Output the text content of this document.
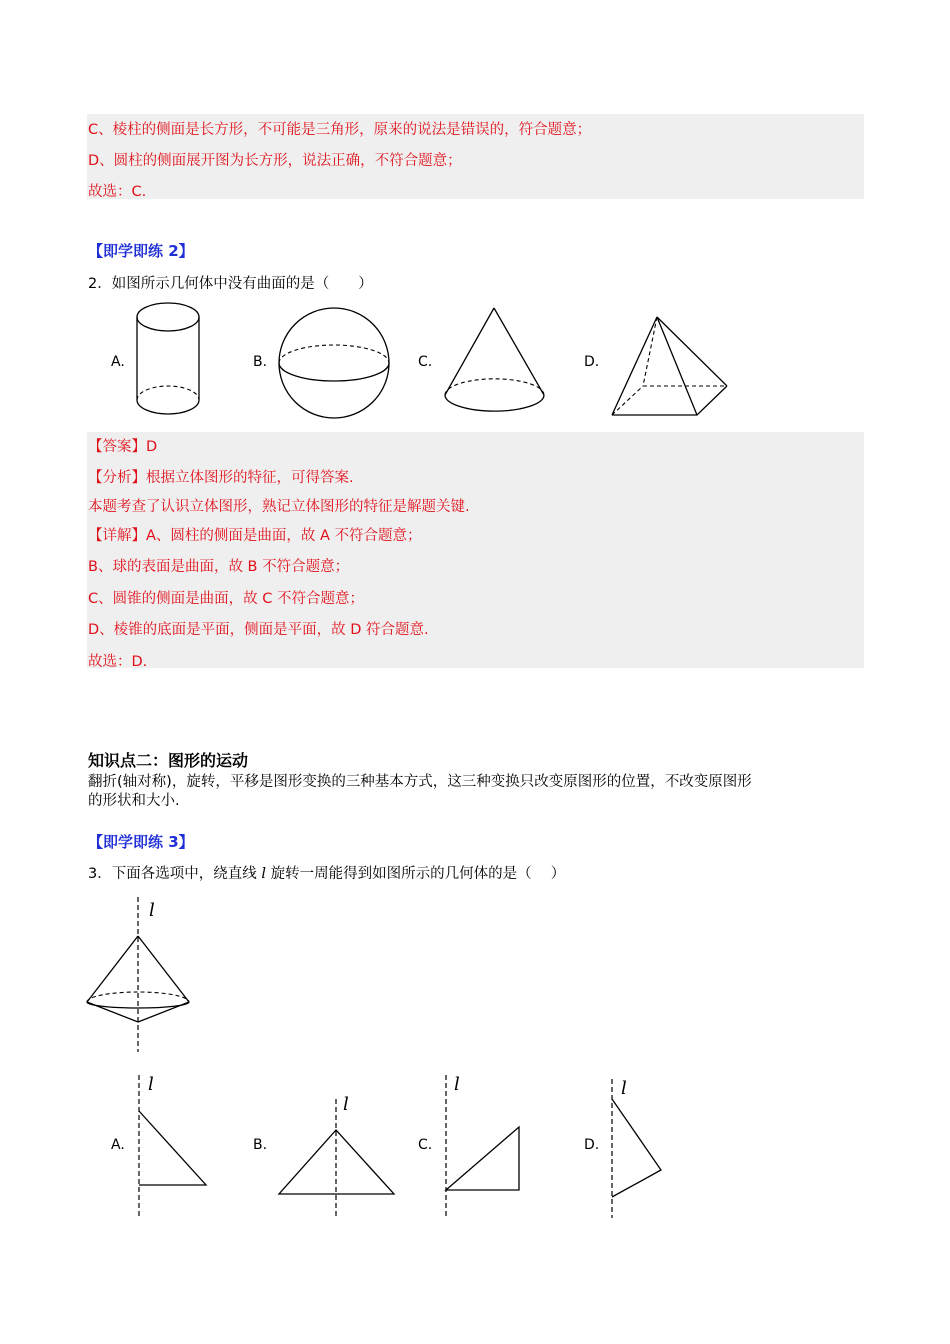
C、棱柱的侧面是长方形，不可能是三角形，原来的说法是错误的，符合题意；
D、圆柱的侧面展开图为长方形，说法正确，不符合题意；
故选：C.
【即学即练 2】
2．如图所示几何体中没有曲面的是（　　）
A.	B.	C.	D.
【答案】D
【分析】根据立体图形的特征，可得答案.
本题考查了认识立体图形，熟记立体图形的特征是解题关键.
【详解】A、圆柱的侧面是曲面，故 A 不符合题意；
B、球的表面是曲面，故 B 不符合题意；
C、圆锥的侧面是曲面，故 C 不符合题意；
D、棱锥的底面是平面，侧面是平面，故 D 符合题意.
故选：D.
知识点二：图形的运动
翻折(轴对称)，旋转，平移是图形变换的三种基本方式，这三种变换只改变原图形的位置，不改变原图形
的形状和大小.
【即学即练 3】
3．下面各选项中，绕直线 l 旋转一周能得到如图所示的几何体的是（　 ）
l
A.
l
B.
l
C.
l
D.
l
